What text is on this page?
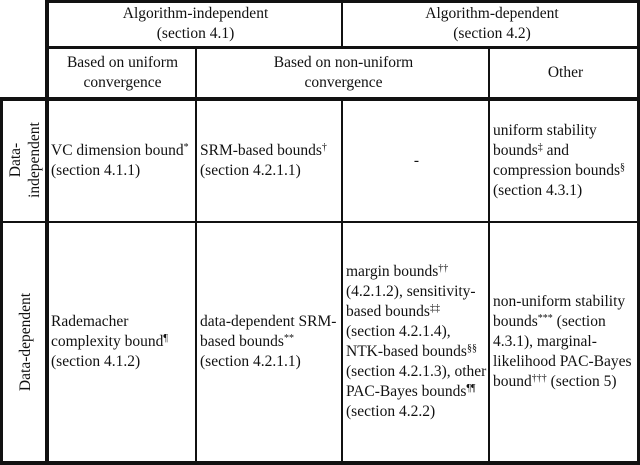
Algorithm-independent
(section 4.1)
Algorithm-dependent
(section 4.2)
Based on uniform
convergence
Based on non-uniform
convergence
Other
Data- independent
Data-dependent
VC dimension bound* (section 4.1.1)
SRM-based bounds† (section 4.2.1.1)
-
uniform stability bounds‡ and compression bounds§ (section 4.3.1)
Rademacher complexity bound¶ (section 4.1.2)
data-dependent SRM-based bounds** (section 4.2.1.1)
margin bounds†† (4.2.1.2), sensitivity-based bounds‡‡ (section 4.2.1.4), NTK-based bounds§§ (section 4.2.1.3), other PAC-Bayes bounds¶¶ (section 4.2.2)
non-uniform stability bounds*** (section 4.3.1), marginal-likelihood PAC-Bayes bound††† (section 5)
